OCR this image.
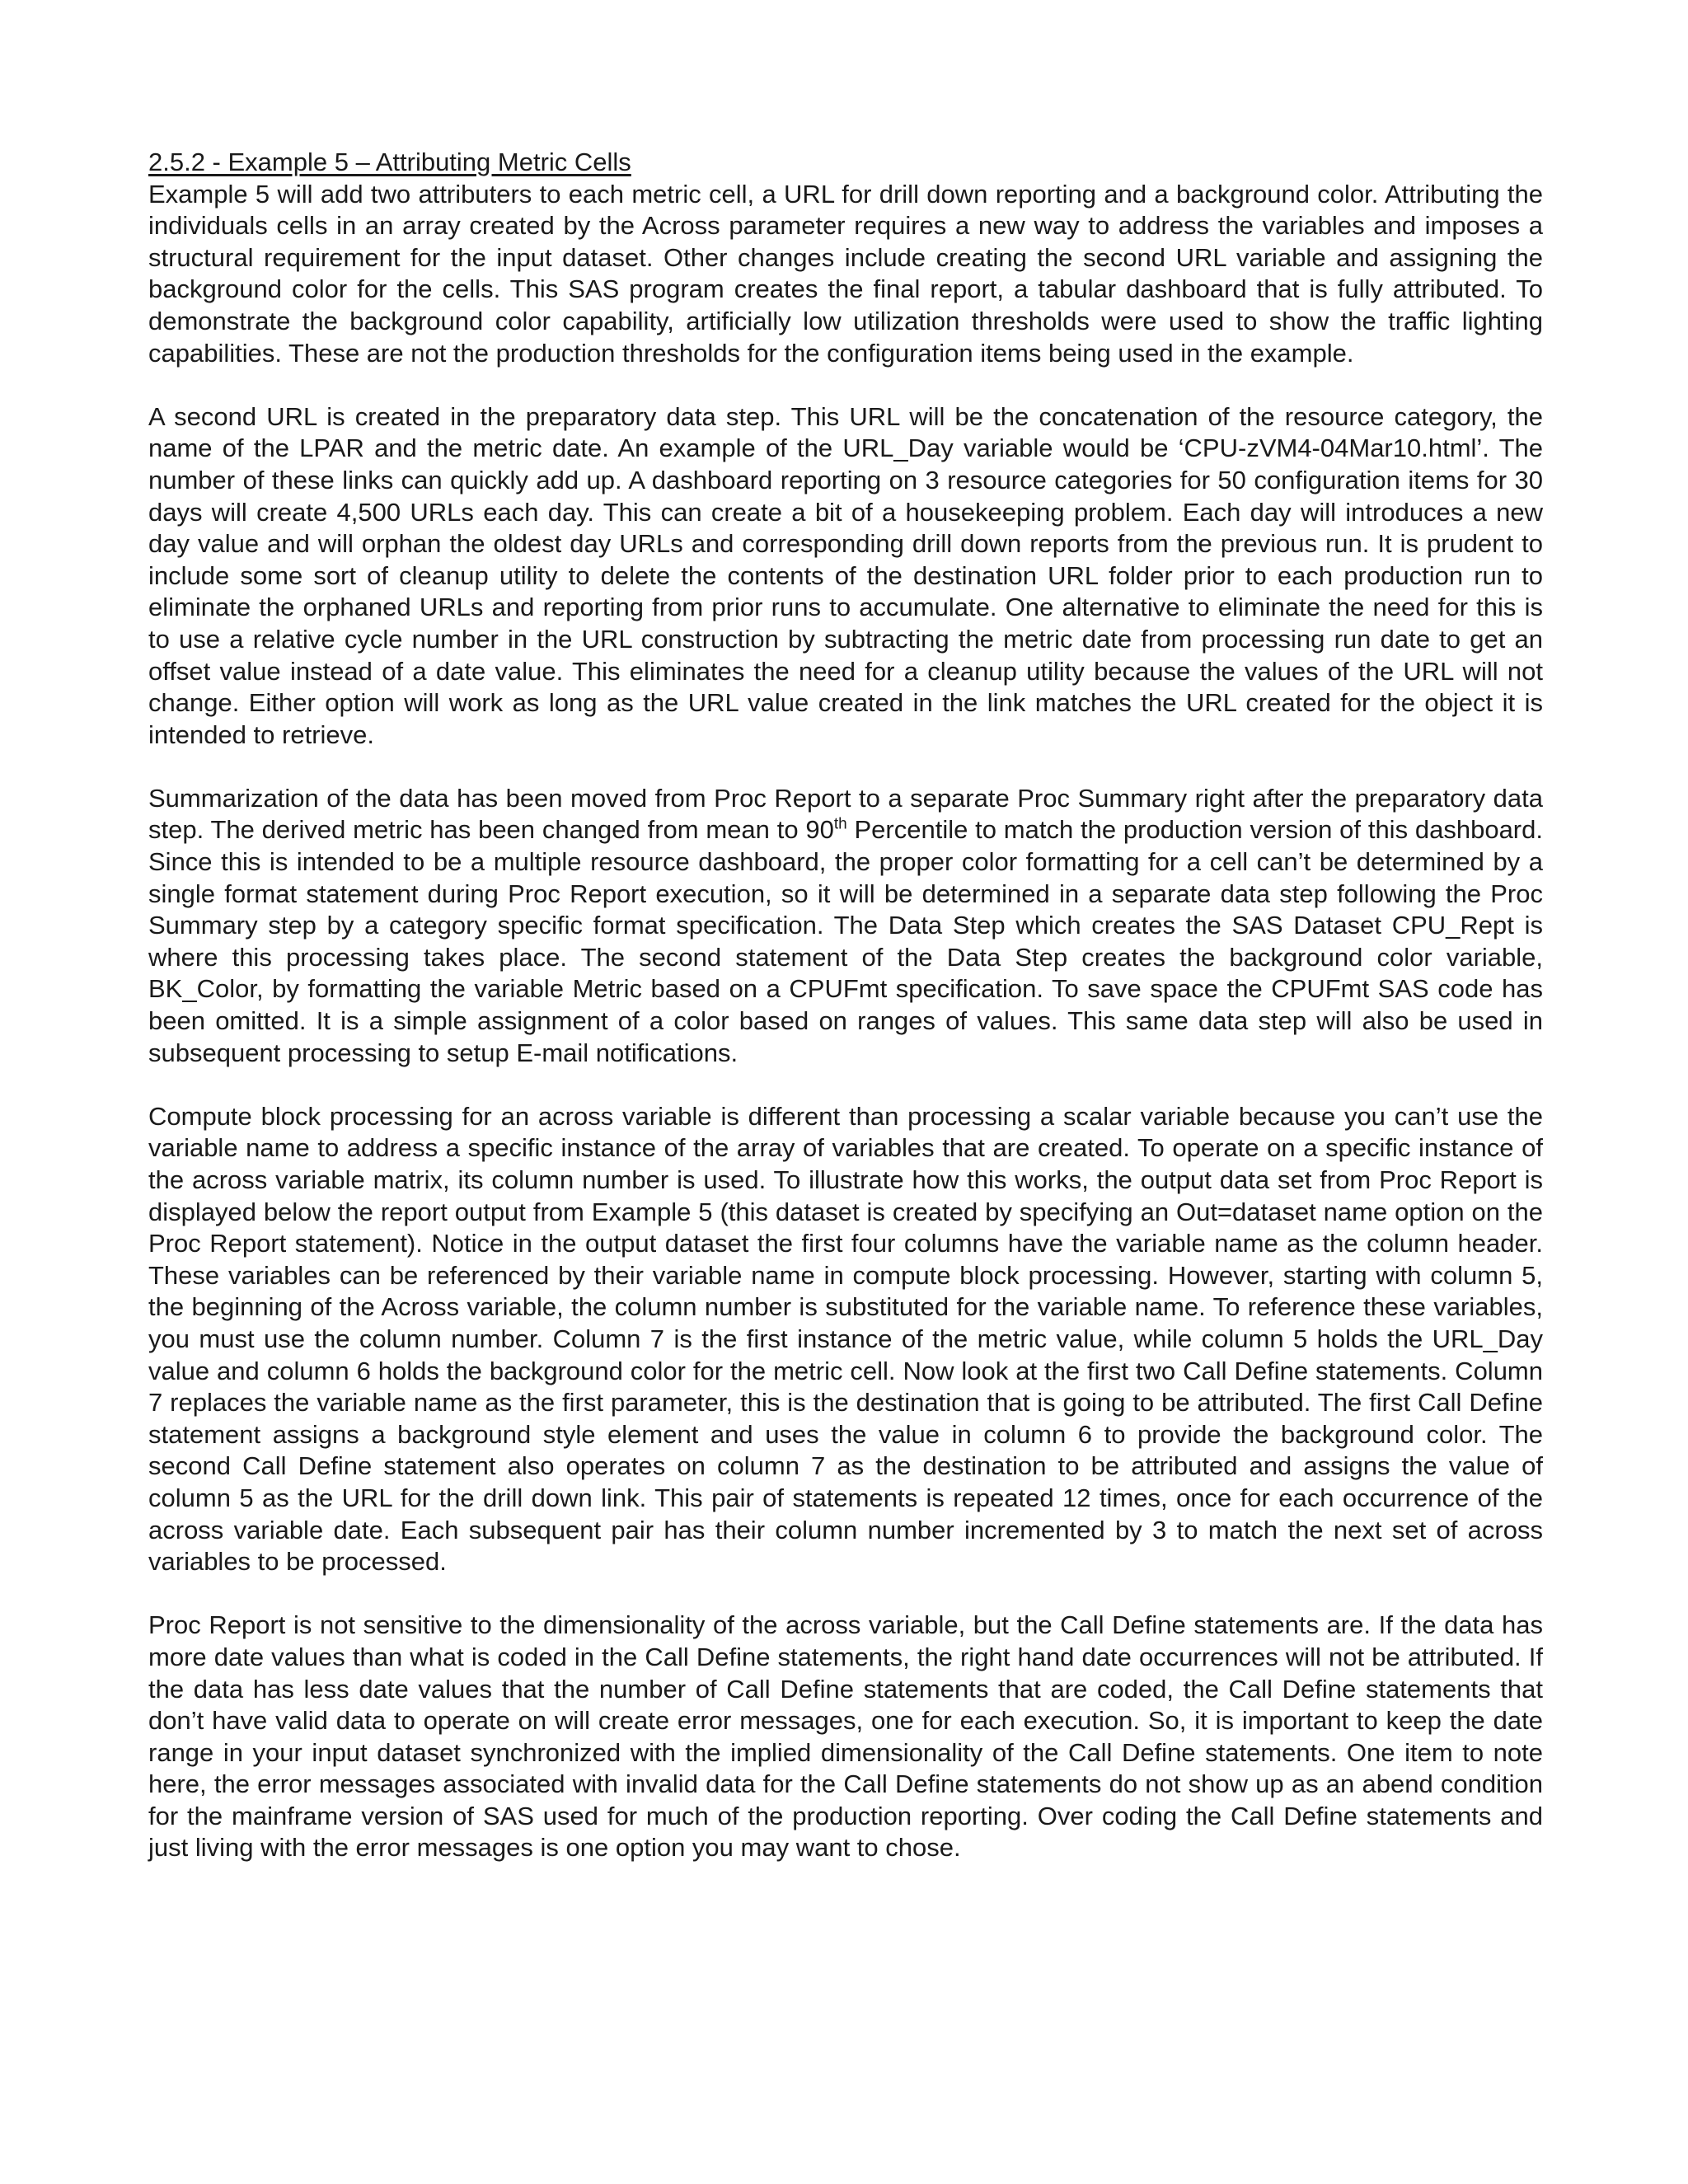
2.5.2 - Example 5 – Attributing Metric Cells

Example 5 will add two attributers to each metric cell, a URL for drill down reporting and a background color. Attributing the individuals cells in an array created by the Across parameter requires a new way to address the variables and imposes a structural requirement for the input dataset. Other changes include creating the second URL variable and assigning the background color for the cells. This SAS program creates the final report, a tabular dashboard that is fully attributed. To demonstrate the background color capability, artificially low utilization thresholds were used to show the traffic lighting capabilities. These are not the production thresholds for the configuration items being used in the example.

A second URL is created in the preparatory data step. This URL will be the concatenation of the resource category, the name of the LPAR and the metric date. An example of the URL_Day variable would be ‘CPU-zVM4-04Mar10.html’. The number of these links can quickly add up. A dashboard reporting on 3 resource categories for 50 configuration items for 30 days will create 4,500 URLs each day. This can create a bit of a housekeeping problem. Each day will introduces a new day value and will orphan the oldest day URLs and corresponding drill down reports from the previous run. It is prudent to include some sort of cleanup utility to delete the contents of the destination URL folder prior to each production run to eliminate the orphaned URLs and reporting from prior runs to accumulate. One alternative to eliminate the need for this is to use a relative cycle number in the URL construction by subtracting the metric date from processing run date to get an offset value instead of a date value. This eliminates the need for a cleanup utility because the values of the URL will not change. Either option will work as long as the URL value created in the link matches the URL created for the object it is intended to retrieve.

Summarization of the data has been moved from Proc Report to a separate Proc Summary right after the preparatory data step. The derived metric has been changed from mean to 90th Percentile to match the production version of this dashboard. Since this is intended to be a multiple resource dashboard, the proper color formatting for a cell can’t be determined by a single format statement during Proc Report execution, so it will be determined in a separate data step following the Proc Summary step by a category specific format specification. The Data Step which creates the SAS Dataset CPU_Rept is where this processing takes place. The second statement of the Data Step creates the background color variable, BK_Color, by formatting the variable Metric based on a CPUFmt specification. To save space the CPUFmt SAS code has been omitted. It is a simple assignment of a color based on ranges of values. This same data step will also be used in subsequent processing to setup E-mail notifications.

Compute block processing for an across variable is different than processing a scalar variable because you can’t use the variable name to address a specific instance of the array of variables that are created. To operate on a specific instance of the across variable matrix, its column number is used. To illustrate how this works, the output data set from Proc Report is displayed below the report output from Example 5 (this dataset is created by specifying an Out=dataset name option on the Proc Report statement). Notice in the output dataset the first four columns have the variable name as the column header. These variables can be referenced by their variable name in compute block processing. However, starting with column 5, the beginning of the Across variable, the column number is substituted for the variable name. To reference these variables, you must use the column number. Column 7 is the first instance of the metric value, while column 5 holds the URL_Day value and column 6 holds the background color for the metric cell. Now look at the first two Call Define statements. Column 7 replaces the variable name as the first parameter, this is the destination that is going to be attributed. The first Call Define statement assigns a background style element and uses the value in column 6 to provide the background color. The second Call Define statement also operates on column 7 as the destination to be attributed and assigns the value of column 5 as the URL for the drill down link. This pair of statements is repeated 12 times, once for each occurrence of the across variable date. Each subsequent pair has their column number incremented by 3 to match the next set of across variables to be processed.

Proc Report is not sensitive to the dimensionality of the across variable, but the Call Define statements are. If the data has more date values than what is coded in the Call Define statements, the right hand date occurrences will not be attributed. If the data has less date values that the number of Call Define statements that are coded, the Call Define statements that don’t have valid data to operate on will create error messages, one for each execution. So, it is important to keep the date range in your input dataset synchronized with the implied dimensionality of the Call Define statements. One item to note here, the error messages associated with invalid data for the Call Define statements do not show up as an abend condition for the mainframe version of SAS used for much of the production reporting. Over coding the Call Define statements and just living with the error messages is one option you may want to chose.
